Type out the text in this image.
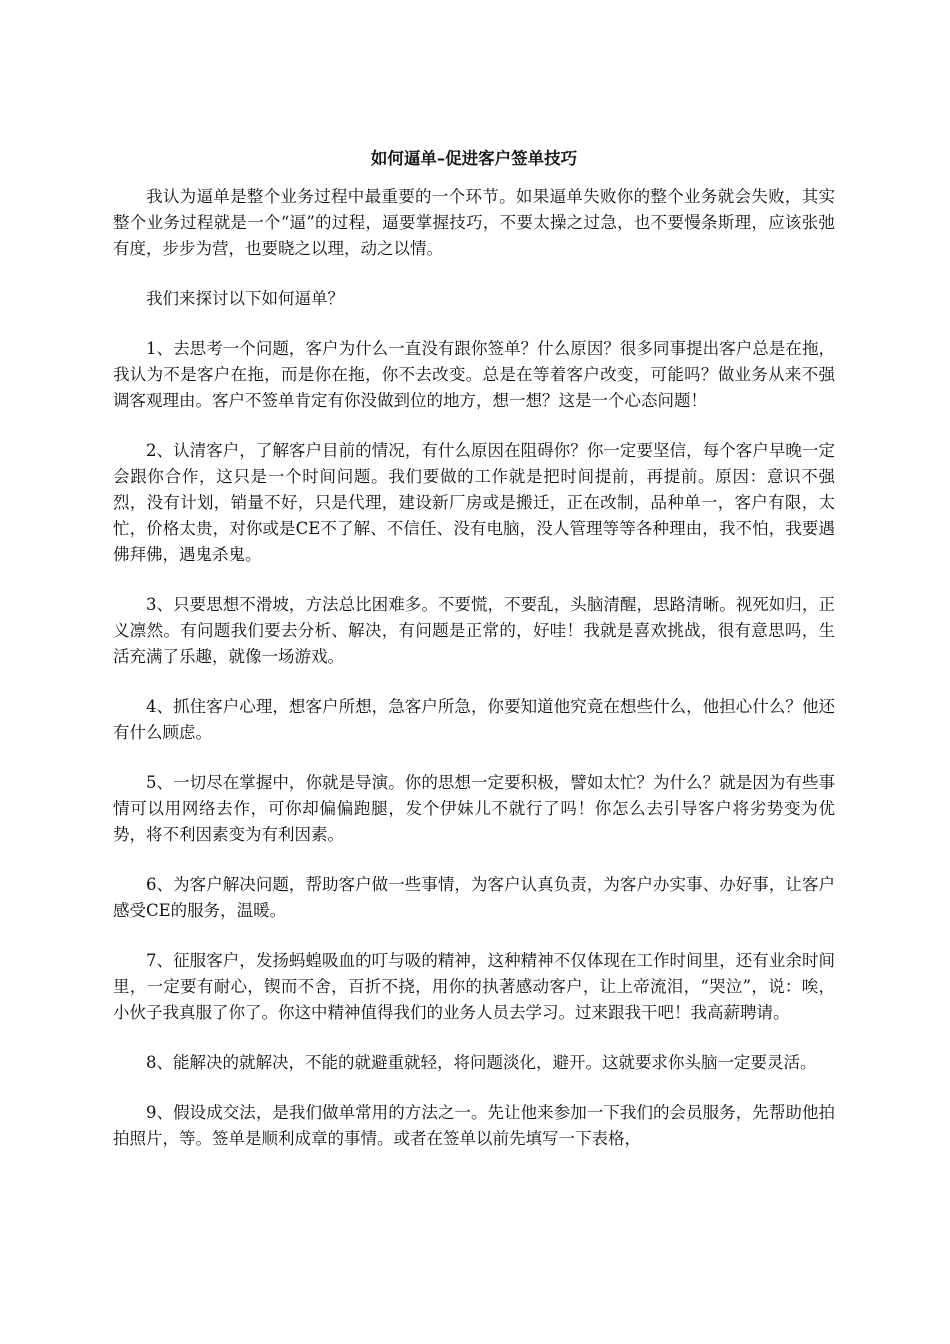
如何逼单–促进客户签单技巧

我认为逼单是整个业务过程中最重要的一个环节。如果逼单失败你的整个业务就会失败，其实整个业务过程就是一个“逼”的过程，逼要掌握技巧，不要太操之过急，也不要慢条斯理，应该张弛有度，步步为营，也要晓之以理，动之以情。

我们来探讨以下如何逼单？

1、去思考一个问题，客户为什么一直没有跟你签单？什么原因？很多同事提出客户总是在拖，我认为不是客户在拖，而是你在拖，你不去改变。总是在等着客户改变，可能吗？做业务从来不强调客观理由。客户不签单肯定有你没做到位的地方，想一想？这是一个心态问题！

2、认清客户，了解客户目前的情况，有什么原因在阻碍你？你一定要坚信，每个客户早晚一定会跟你合作，这只是一个时间问题。我们要做的工作就是把时间提前，再提前。原因：意识不强烈，没有计划，销量不好，只是代理，建设新厂房或是搬迁，正在改制，品种单一，客户有限，太忙，价格太贵，对你或是CE不了解、不信任、没有电脑，没人管理等等各种理由，我不怕，我要遇佛拜佛，遇鬼杀鬼。

3、只要思想不滑坡，方法总比困难多。不要慌，不要乱，头脑清醒，思路清晰。视死如归，正义凛然。有问题我们要去分析、解决，有问题是正常的，好哇！我就是喜欢挑战，很有意思吗，生活充满了乐趣，就像一场游戏。

4、抓住客户心理，想客户所想，急客户所急，你要知道他究竟在想些什么，他担心什么？他还有什么顾虑。

5、一切尽在掌握中，你就是导演。你的思想一定要积极，譬如太忙？为什么？就是因为有些事情可以用网络去作，可你却偏偏跑腿，发个伊妹儿不就行了吗！你怎么去引导客户将劣势变为优势，将不利因素变为有利因素。

6、为客户解决问题，帮助客户做一些事情，为客户认真负责，为客户办实事、办好事，让客户感受CE的服务，温暖。

7、征服客户，发扬蚂蝗吸血的叮与吸的精神，这种精神不仅体现在工作时间里，还有业余时间里，一定要有耐心，锲而不舍，百折不挠，用你的执著感动客户，让上帝流泪，“哭泣”，说：唉，小伙子我真服了你了。你这中精神值得我们的业务人员去学习。过来跟我干吧！我高薪聘请。

8、能解决的就解决，不能的就避重就轻，将问题淡化，避开。这就要求你头脑一定要灵活。

9、假设成交法，是我们做单常用的方法之一。先让他来参加一下我们的会员服务，先帮助他拍拍照片，等。签单是顺利成章的事情。或者在签单以前先填写一下表格，
